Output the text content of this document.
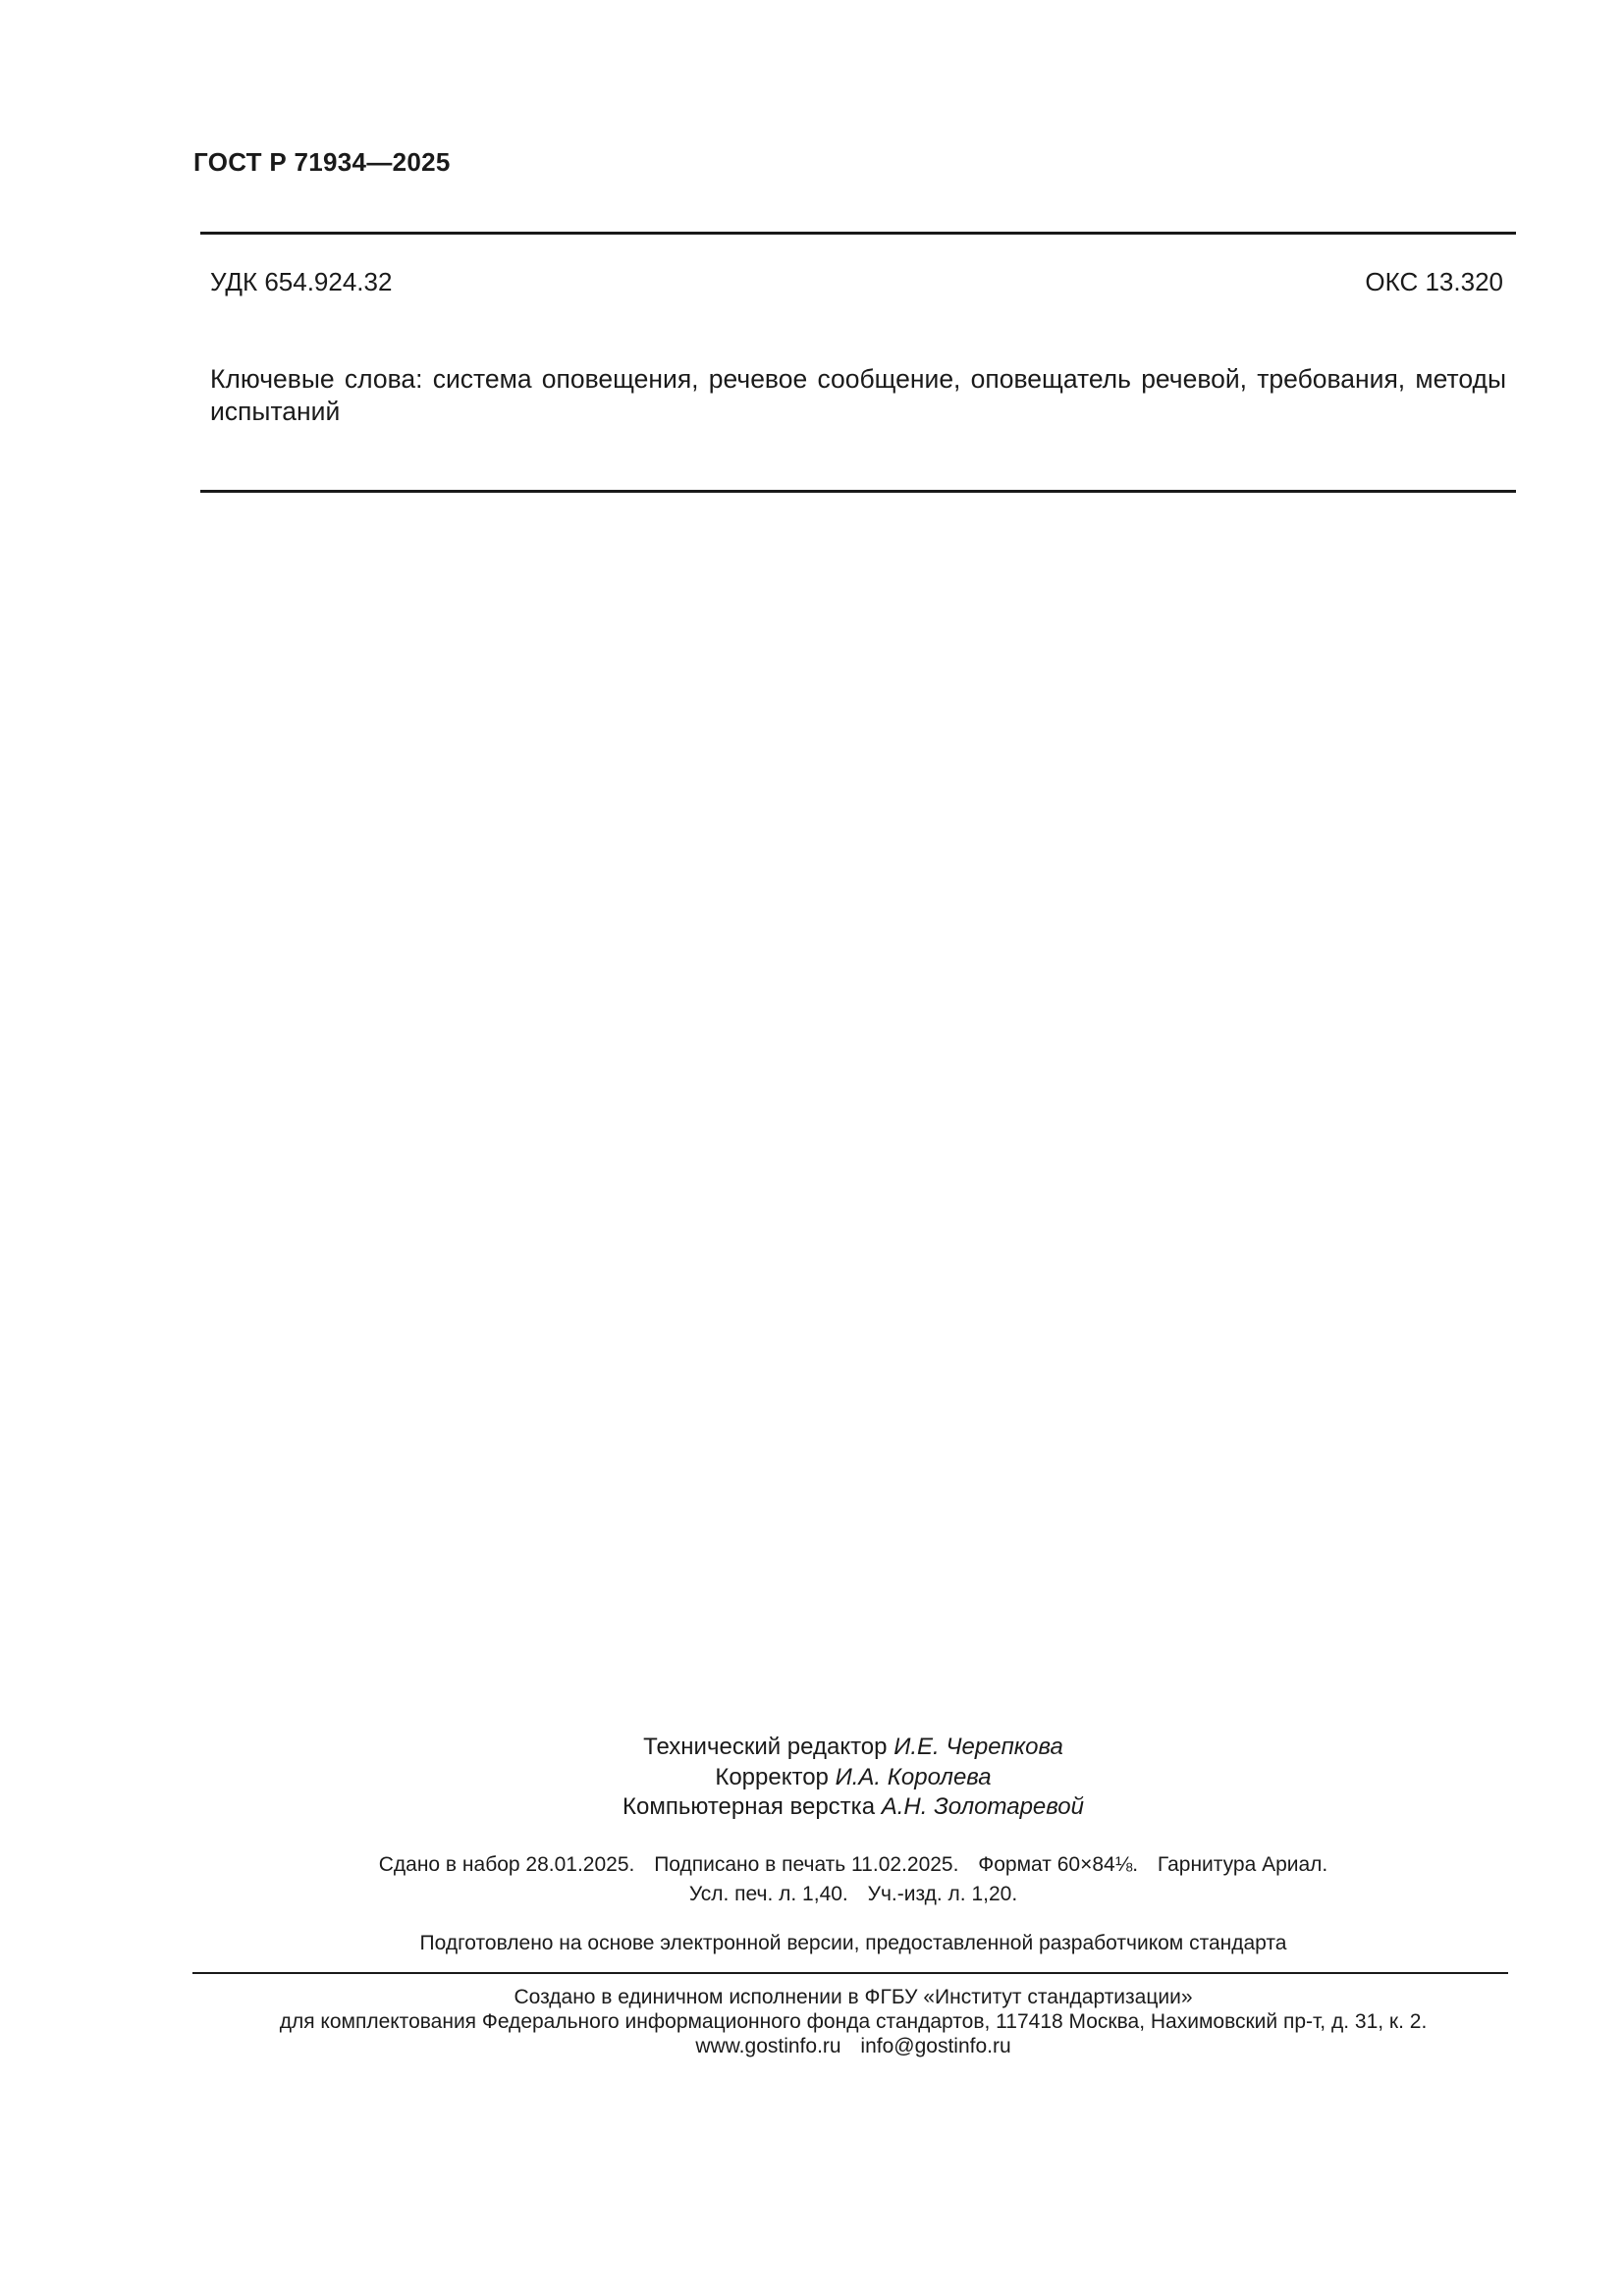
ГОСТ Р 71934—2025
УДК 654.924.32	ОКС 13.320
Ключевые слова: система оповещения, речевое сообщение, оповещатель речевой, требования, методы испытаний
Технический редактор И.Е. Черепкова
Корректор И.А. Королева
Компьютерная верстка А.Н. Золотаревой
Сдано в набор 28.01.2025. Подписано в печать 11.02.2025. Формат 60×84⅛. Гарнитура Ариал.
Усл. печ. л. 1,40. Уч.-изд. л. 1,20.
Подготовлено на основе электронной версии, предоставленной разработчиком стандарта
Создано в единичном исполнении в ФГБУ «Институт стандартизации»
для комплектования Федерального информационного фонда стандартов, 117418 Москва, Нахимовский пр-т, д. 31, к. 2.
www.gostinfo.ru info@gostinfo.ru
